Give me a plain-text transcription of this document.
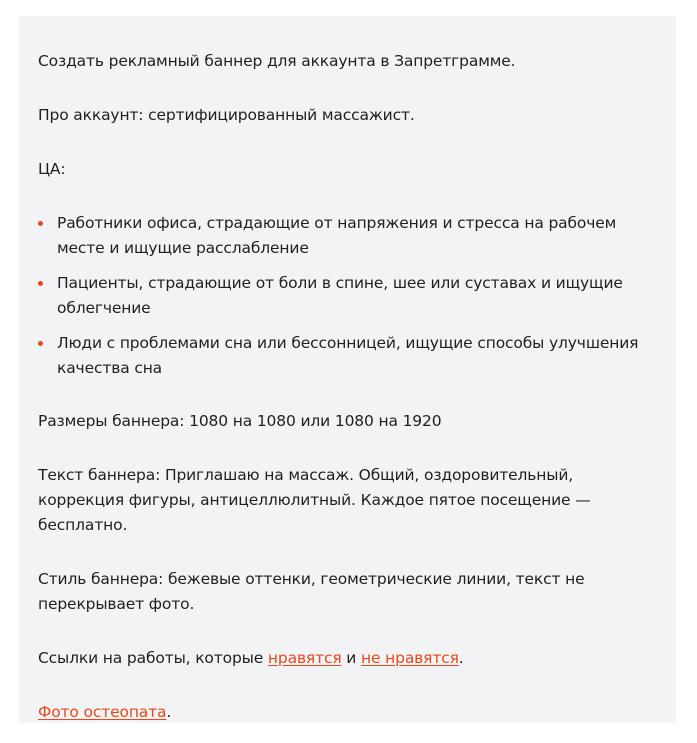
Создать рекламный баннер для аккаунта в Запретграмме.

Про аккаунт: сертифицированный массажист.

ЦА:

Работники офиса, страдающие от напряжения и стресса на рабочем месте и ищущие расслабление
Пациенты, страдающие от боли в спине, шее или суставах и ищущие облегчение
Люди с проблемами сна или бессонницей, ищущие способы улучшения качества сна

Размеры баннера: 1080 на 1080 или 1080 на 1920

Текст баннера: Приглашаю на массаж. Общий, оздоровительный, коррекция фигуры, антицеллюлитный. Каждое пятое посещение — бесплатно.

Стиль баннера: бежевые оттенки, геометрические линии, текст не перекрывает фото.

Ссылки на работы, которые нравятся и не нравятся.

Фото остеопата.
